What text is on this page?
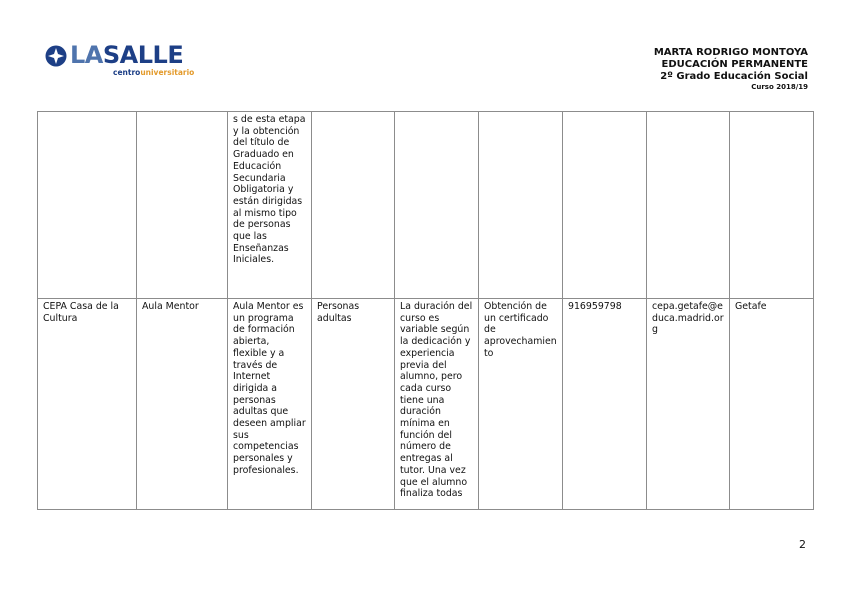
LASALLE
centrouniversitario
MARTA RODRIGO MONTOYA
EDUCACIÓN PERMANENTE
2º Grado Educación Social
Curso 2018/19
		s de esta etapa y la obtención del título de Graduado en Educación Secundaria Obligatoria y están dirigidas al mismo tipo de personas que las Enseñanzas Iniciales.						
CEPA Casa de la Cultura	Aula Mentor	Aula Mentor es un programa de formación abierta, flexible y a través de Internet dirigida a personas adultas que deseen ampliar sus competencias personales y profesionales.	Personas adultas	La duración del curso es variable según la dedicación y experiencia previa del alumno, pero cada curso tiene una duración mínima en función del número de entregas al tutor. Una vez que el alumno finaliza todas	Obtención de un certificado de aprovechamiento	916959798	cepa.getafe@educa.madrid.org	Getafe
2
